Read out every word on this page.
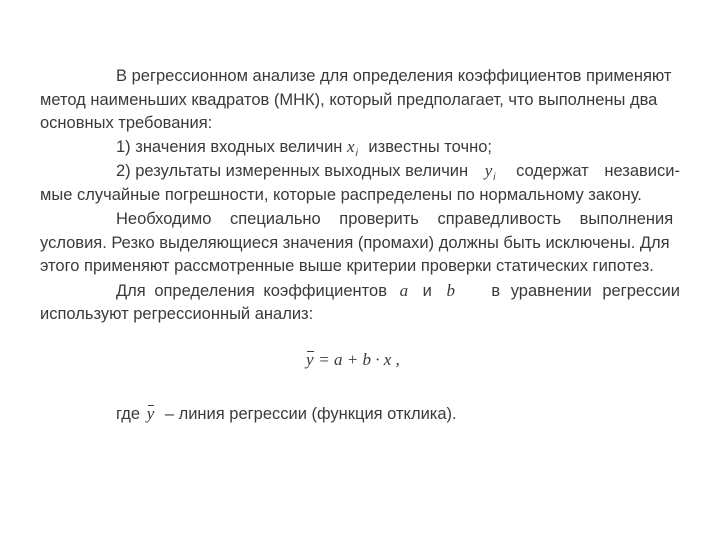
В регрессионном анализе для определения коэффициентов применяют
метод наименьших квадратов (МНК), который предполагает, что выполнены два
основных требования:
1) значения входных величин $x_i$ известны точно;
2) результаты измеренных выходных величин $y_i$ содержат независи-
мые случайные погрешности, которые распределены по нормальному закону.
Необходимо специально проверить справедливость выполнения
условия. Резко выделяющиеся значения (промахи) должны быть исключены. Для
этого применяют рассмотренные выше критерии проверки статических гипотез.
Для определения коэффициентов a и b в уравнении регрессии
используют регрессионный анализ:
y = a + b ∙ x ,
где y – линия регрессии (функция отклика).
